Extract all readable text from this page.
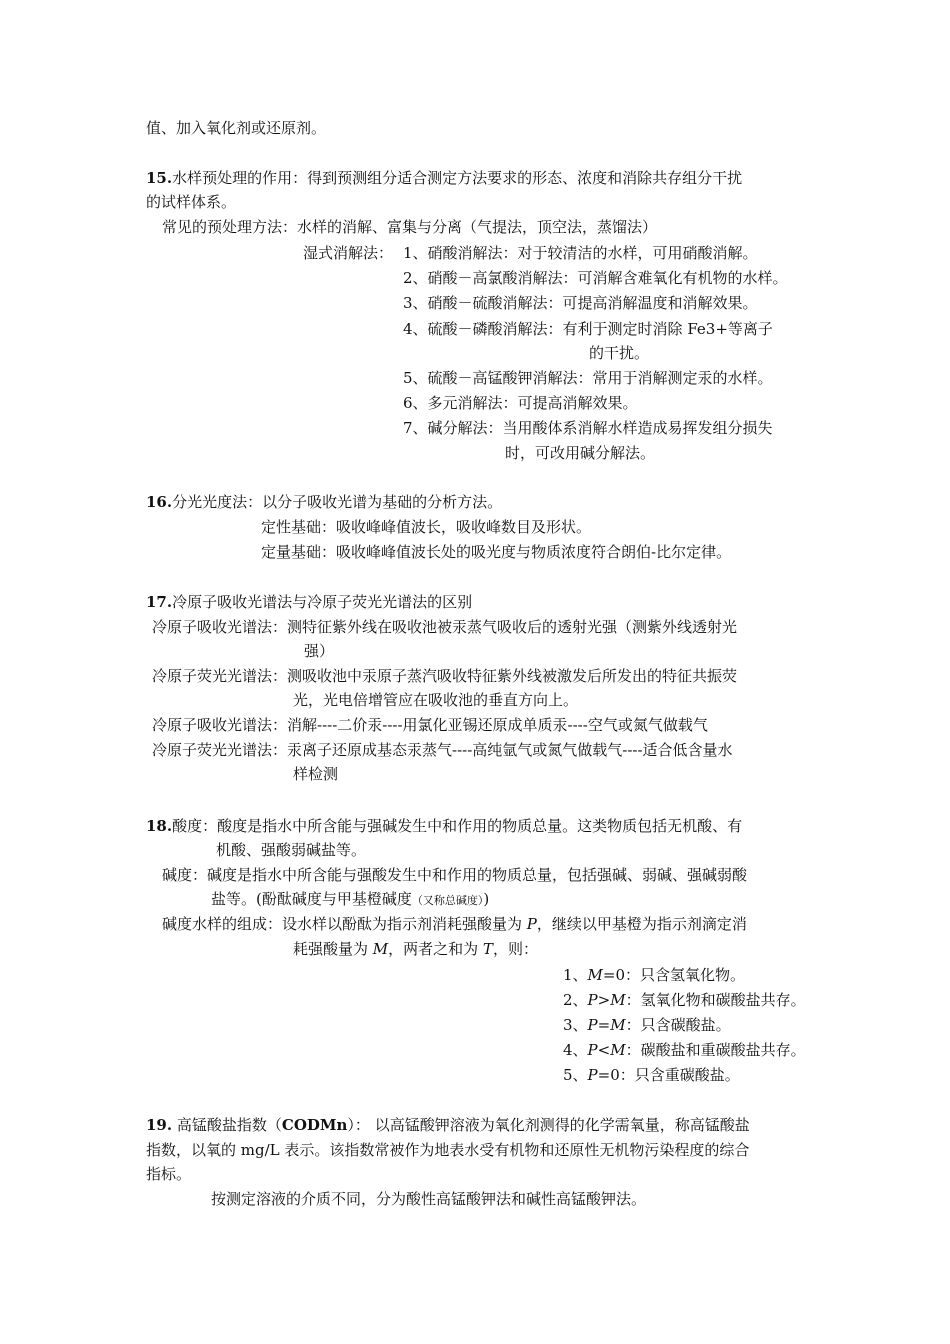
值、加入氧化剂或还原剂。
15.水样预处理的作用：得到预测组分适合测定方法要求的形态、浓度和消除共存组分干扰
的试样体系。
常见的预处理方法：水样的消解、富集与分离（气提法，顶空法，蒸馏法）
湿式消解法： 1、硝酸消解法：对于较清洁的水样，可用硝酸消解。
2、硝酸－高氯酸消解法：可消解含难氧化有机物的水样。
3、硝酸－硫酸消解法：可提高消解温度和消解效果。
4、硫酸－磷酸消解法：有利于测定时消除 Fe3+等离子
的干扰。
5、硫酸－高锰酸钾消解法：常用于消解测定汞的水样。
6、多元消解法：可提高消解效果。
7、碱分解法：当用酸体系消解水样造成易挥发组分损失
时，可改用碱分解法。
16.分光光度法：以分子吸收光谱为基础的分析方法。
定性基础：吸收峰峰值波长，吸收峰数目及形状。
定量基础：吸收峰峰值波长处的吸光度与物质浓度符合朗伯-比尔定律。
17.冷原子吸收光谱法与冷原子荧光光谱法的区别
冷原子吸收光谱法：测特征紫外线在吸收池被汞蒸气吸收后的透射光强（测紫外线透射光
强）
冷原子荧光光谱法：测吸收池中汞原子蒸汽吸收特征紫外线被激发后所发出的特征共振荧
光，光电倍增管应在吸收池的垂直方向上。
冷原子吸收光谱法：消解----二价汞----用氯化亚锡还原成单质汞----空气或氮气做载气
冷原子荧光光谱法：汞离子还原成基态汞蒸气----高纯氩气或氮气做载气----适合低含量水
样检测
18.酸度：酸度是指水中所含能与强碱发生中和作用的物质总量。这类物质包括无机酸、有
机酸、强酸弱碱盐等。
碱度：碱度是指水中所含能与强酸发生中和作用的物质总量，包括强碱、弱碱、强碱弱酸
盐等。(酚酞碱度与甲基橙碱度（又称总碱度）)
碱度水样的组成：设水样以酚酞为指示剂消耗强酸量为 P，继续以甲基橙为指示剂滴定消
耗强酸量为 M，两者之和为 T，则：
1、M=0：只含氢氧化物。
2、P>M：氢氧化物和碳酸盐共存。
3、P=M：只含碳酸盐。
4、P<M：碳酸盐和重碳酸盐共存。
5、P=0：只含重碳酸盐。
19. 高锰酸盐指数（CODMn）： 以高锰酸钾溶液为氧化剂测得的化学需氧量，称高锰酸盐
指数，以氧的 mg/L 表示。该指数常被作为地表水受有机物和还原性无机物污染程度的综合
指标。
按测定溶液的介质不同，分为酸性高锰酸钾法和碱性高锰酸钾法。
